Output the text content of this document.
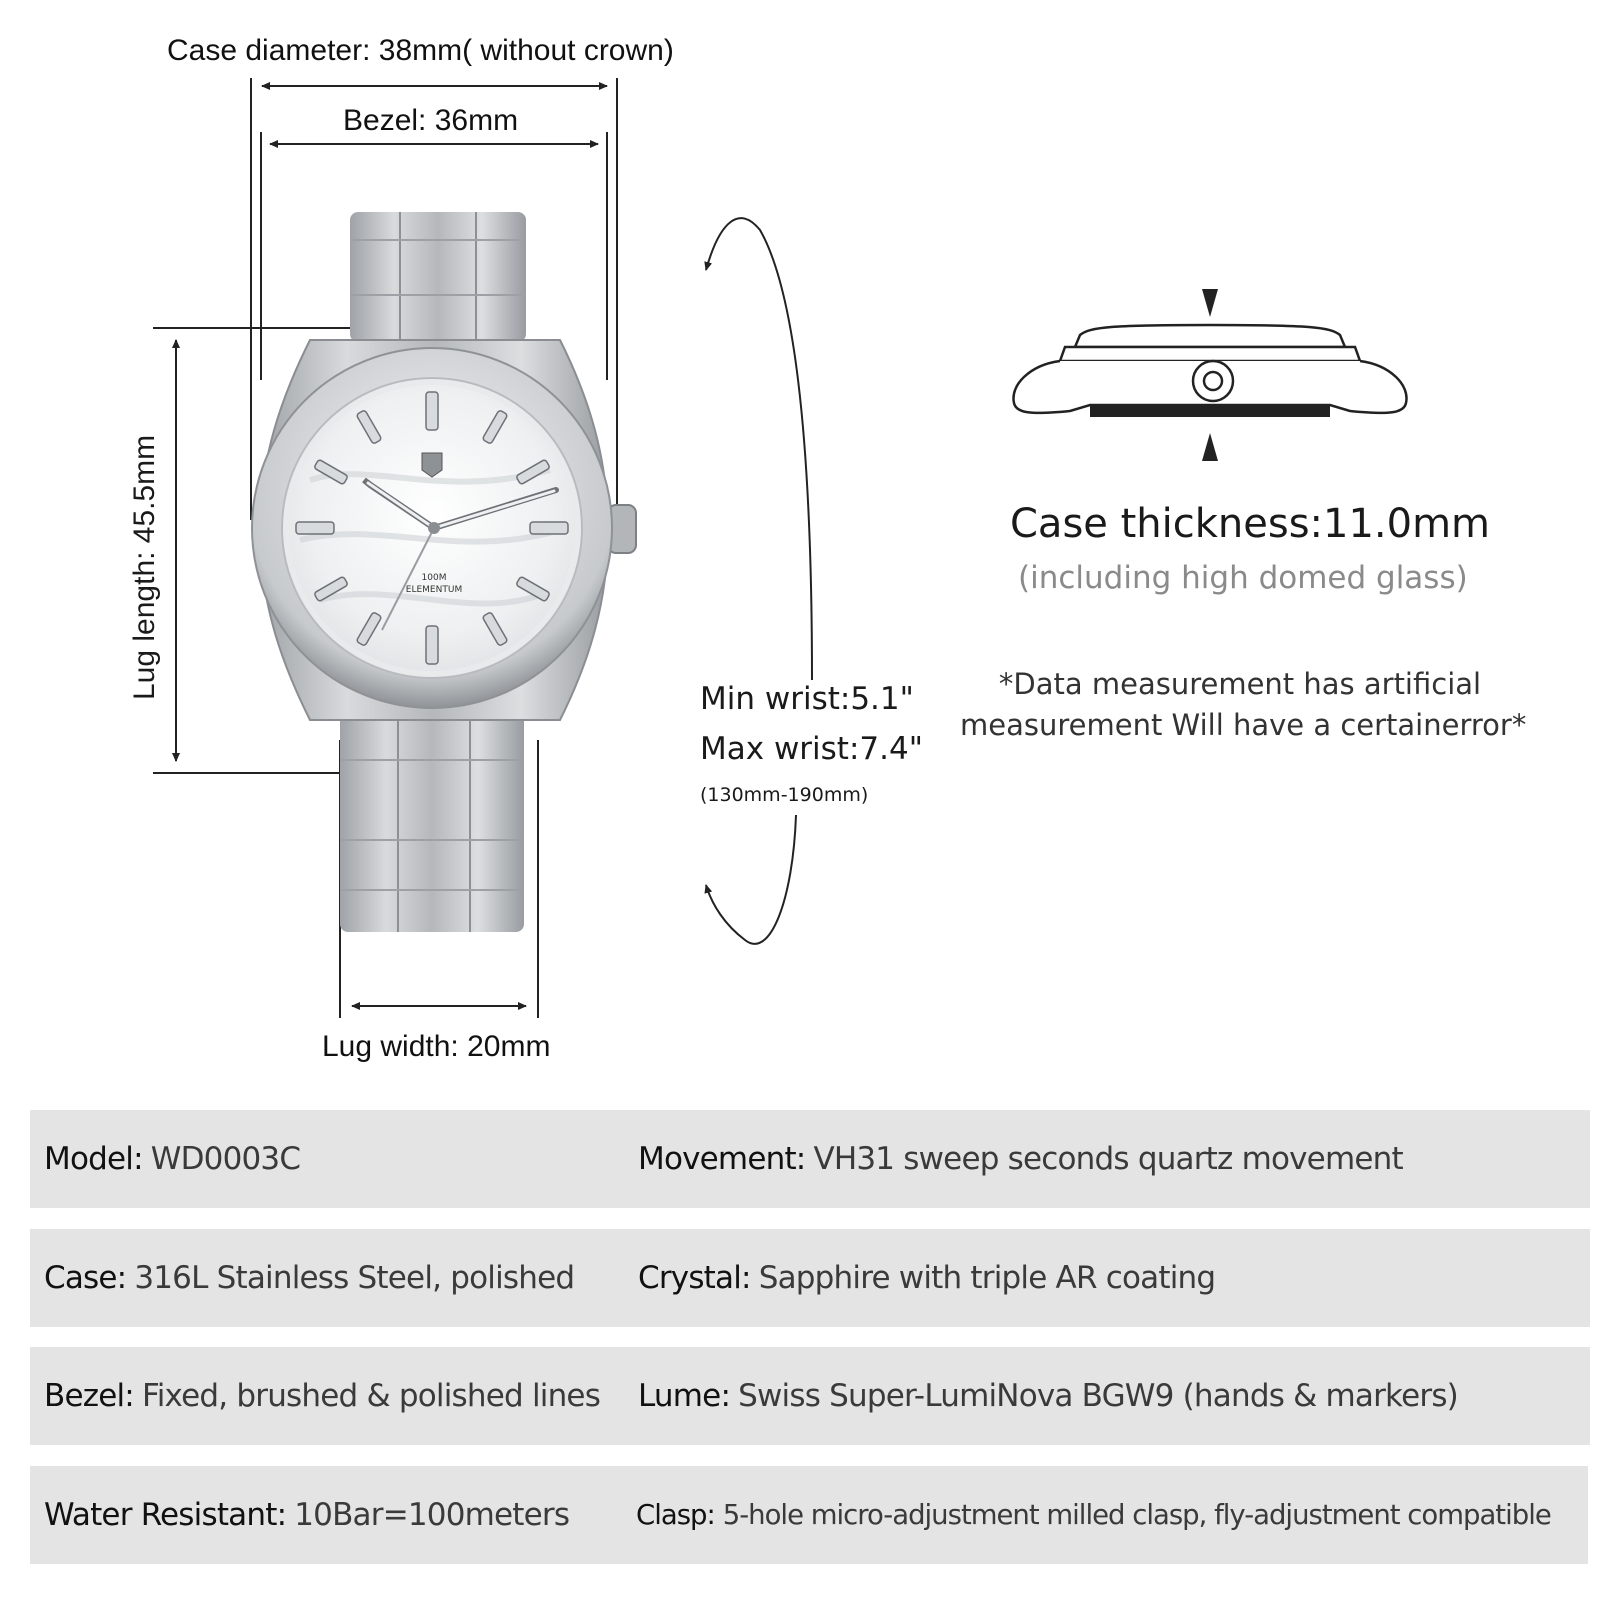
100M
ELEMENTUM
Case diameter: 38mm( without crown)
Bezel: 36mm
Lug length: 45.5mm
Lug width: 20mm
Min wrist:5.1"
Max wrist:7.4"
(130mm-190mm)
Case thickness:11.0mm
(including high domed glass)
*Data measurement has artificial
measurement Will have a certainerror*
Model: WD0003C	Movement: VH31 sweep seconds quartz movement
Case: 316L Stainless Steel, polished Crystal: Sapphire with triple AR coating
Bezel: Fixed, brushed & polished lines Lume: Swiss Super-LumiNova BGW9 (hands & markers)
Water Resistant: 10Bar=100meters Clasp: 5-hole micro-adjustment milled clasp, fly-adjustment compatible
